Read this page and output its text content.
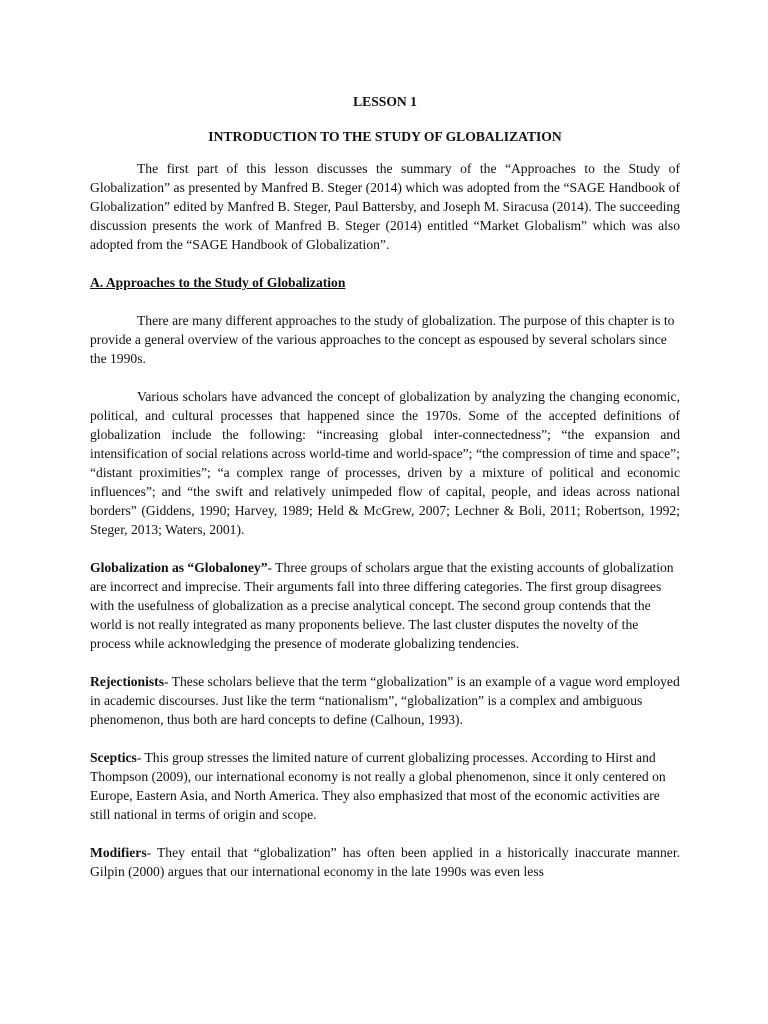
LESSON 1
INTRODUCTION TO THE STUDY OF GLOBALIZATION

The first part of this lesson discusses the summary of the “Approaches to the Study of Globalization” as presented by Manfred B. Steger (2014) which was adopted from the “SAGE Handbook of Globalization” edited by Manfred B. Steger, Paul Battersby, and Joseph M. Siracusa (2014). The succeeding discussion presents the work of Manfred B. Steger (2014) entitled “Market Globalism” which was also adopted from the “SAGE Handbook of Globalization”.

A. Approaches to the Study of Globalization

There are many different approaches to the study of globalization. The purpose of this chapter is to provide a general overview of the various approaches to the concept as espoused by several scholars since the 1990s.

Various scholars have advanced the concept of globalization by analyzing the changing economic, political, and cultural processes that happened since the 1970s. Some of the accepted definitions of globalization include the following: “increasing global inter-connectedness”; “the expansion and intensification of social relations across world-time and world-space”; “the compression of time and space”; “distant proximities”; “a complex range of processes, driven by a mixture of political and economic influences”; and “the swift and relatively unimpeded flow of capital, people, and ideas across national borders” (Giddens, 1990; Harvey, 1989; Held & McGrew, 2007; Lechner & Boli, 2011; Robertson, 1992; Steger, 2013; Waters, 2001).

Globalization as “Globaloney”- Three groups of scholars argue that the existing accounts of globalization are incorrect and imprecise. Their arguments fall into three differing categories. The first group disagrees with the usefulness of globalization as a precise analytical concept. The second group contends that the world is not really integrated as many proponents believe. The last cluster disputes the novelty of the process while acknowledging the presence of moderate globalizing tendencies.

Rejectionists- These scholars believe that the term “globalization” is an example of a vague word employed in academic discourses. Just like the term “nationalism”, “globalization” is a complex and ambiguous phenomenon, thus both are hard concepts to define (Calhoun, 1993).

Sceptics- This group stresses the limited nature of current globalizing processes. According to Hirst and Thompson (2009), our international economy is not really a global phenomenon, since it only centered on Europe, Eastern Asia, and North America. They also emphasized that most of the economic activities are still national in terms of origin and scope.

Modifiers- They entail that “globalization” has often been applied in a historically inaccurate manner. Gilpin (2000) argues that our international economy in the late 1990s was even less
